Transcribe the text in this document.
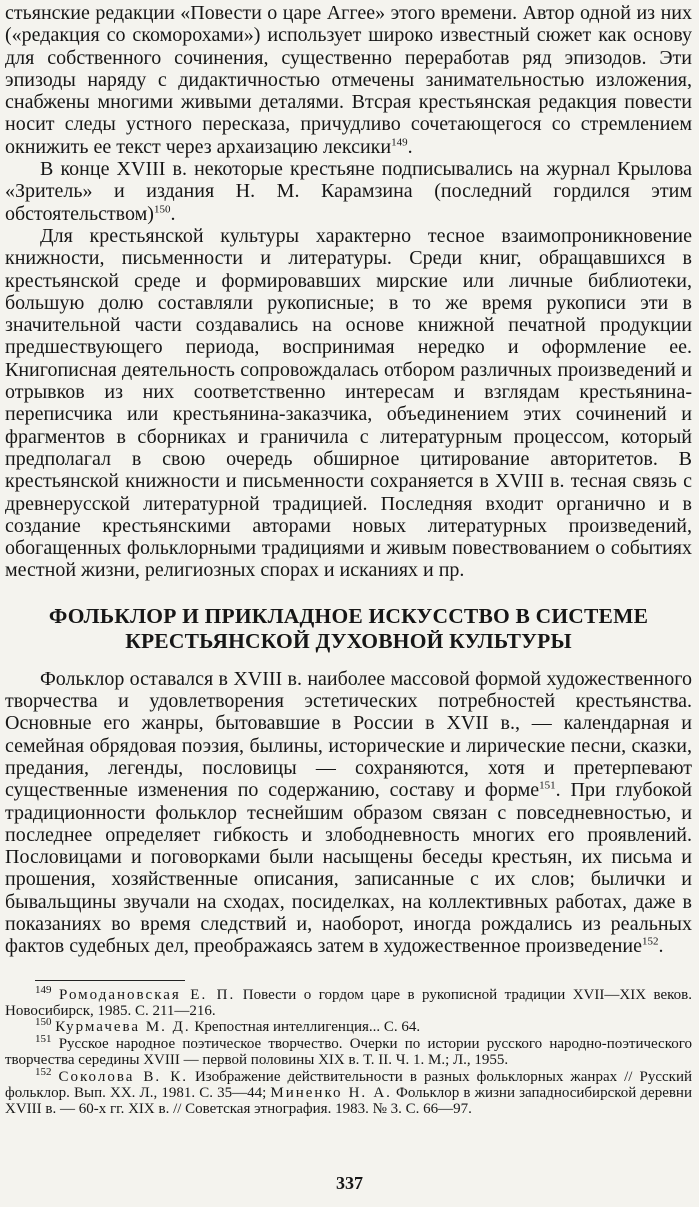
стьянские редакции «Повести о царе Аггее» этого времени. Автор одной из них («редакция со скоморохами») использует широко известный сюжет как основу для собственного сочинения, существенно переработав ряд эпизодов. Эти эпизоды наряду с дидактичностью отмечены занимательностью изложения, снабжены многими живыми деталями. Втсрая крестьянская редакция повести носит следы устного пересказа, причудливо сочетающегося со стремлением окнижить ее текст через архаизацию лексики$^{149}$.

В конце XVIII в. некоторые крестьяне подписывались на журнал Крылова «Зритель» и издания Н. М. Карамзина (последний гордился этим обстоятельством)$^{150}$.

Для крестьянской культуры характерно тесное взаимопроникновение книжности, письменности и литературы. Среди книг, обращавшихся в крестьянской среде и формировавших мирские или личные библиотеки, большую долю составляли рукописные; в то же время рукописи эти в значительной части создавались на основе книжной печатной продукции предшествующего периода, воспринимая нередко и оформление ее. Книгописная деятельность сопровождалась отбором различных произведений и отрывков из них соответственно интересам и взглядам крестьянина-переписчика или крестьянина-заказчика, объединением этих сочинений и фрагментов в сборниках и граничила с литературным процессом, который предполагал в свою очередь обширное цитирование авторитетов. В крестьянской книжности и письменности сохраняется в XVIII в. тесная связь с древнерусской литературной традицией. Последняя входит органично и в создание крестьянскими авторами новых литературных произведений, обогащенных фольклорными традициями и живым повествованием о событиях местной жизни, религиозных спорах и исканиях и пр.

ФОЛЬКЛОР И ПРИКЛАДНОЕ ИСКУССТВО В СИСТЕМЕ
КРЕСТЬЯНСКОЙ ДУХОВНОЙ КУЛЬТУРЫ

Фольклор оставался в XVIII в. наиболее массовой формой художественного творчества и удовлетворения эстетических потребностей крестьянства. Основные его жанры, бытовавшие в России в XVII в., — календарная и семейная обрядовая поэзия, былины, исторические и лирические песни, сказки, предания, легенды, пословицы — сохраняются, хотя и претерпевают существенные изменения по содержанию, составу и форме$^{151}$. При глубокой традиционности фольклор теснейшим образом связан с повседневностью, и последнее определяет гибкость и злободневность многих его проявлений. Пословицами и поговорками были насыщены беседы крестьян, их письма и прошения, хозяйственные описания, записанные с их слов; былички и бывальщины звучали на сходах, посиделках, на коллективных работах, даже в показаниях во время следствий и, наоборот, иногда рождались из реальных фактов судебных дел, преображаясь затем в художественное произведение$^{152}$.

$^{149}$ Ромодановская Е. П. Повести о гордом царе в рукописной традиции XVII—XIX веков. Новосибирск, 1985. С. 211—216.

$^{150}$ Курмачева М. Д. Крепостная интеллигенция... С. 64.

$^{151}$ Русское народное поэтическое творчество. Очерки по истории русского народно-поэтического творчества середины XVIII — первой половины XIX в. Т. II. Ч. 1. М.; Л., 1955.

$^{152}$ Соколова В. К. Изображение действительности в разных фольклорных жанрах // Русский фольклор. Вып. XX. Л., 1981. С. 35—44; Миненко Н. А. Фольклор в жизни западносибирской деревни XVIII в. — 60-х гг. XIX в. // Советская этнография. 1983. № 3. С. 66—97.

337
